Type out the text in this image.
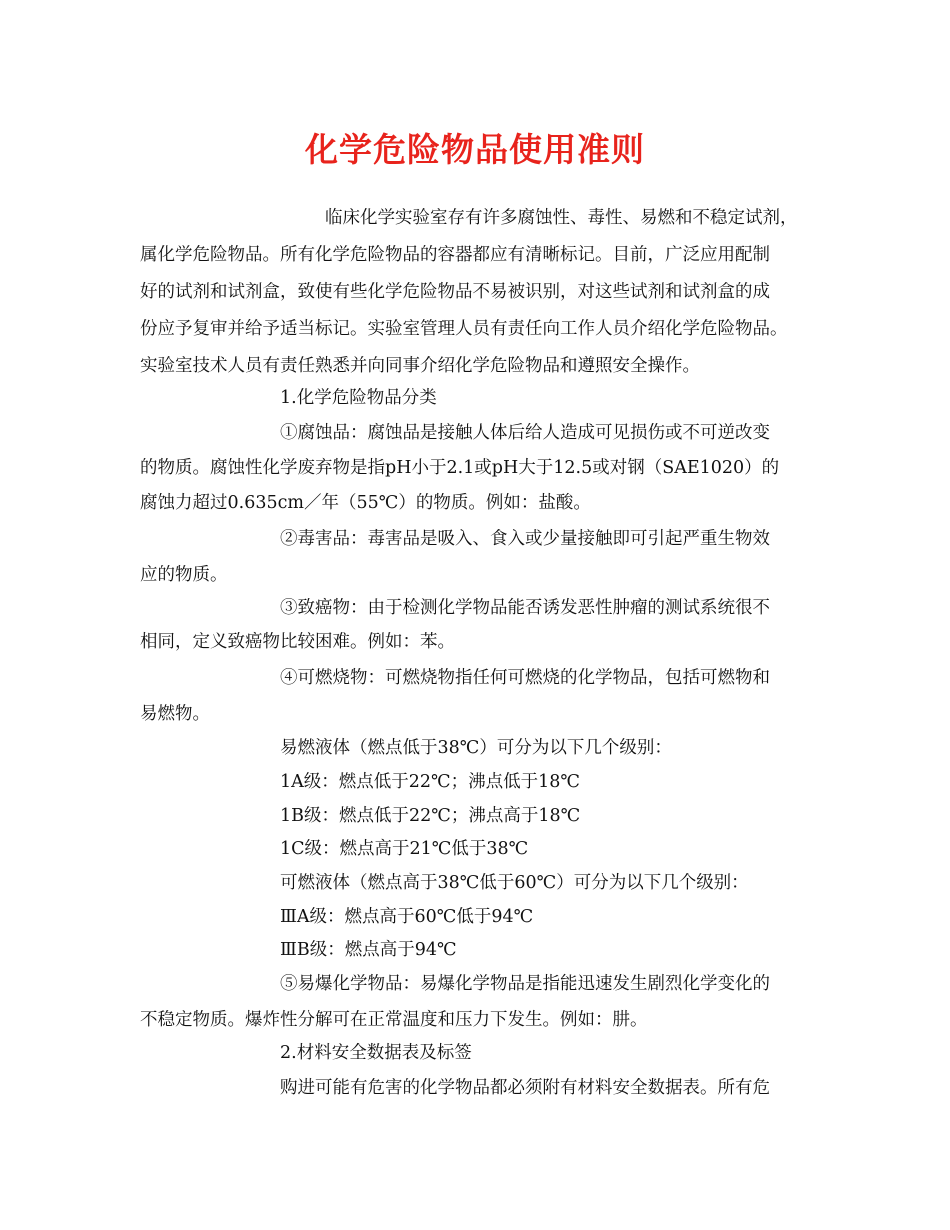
化学危险物品使用准则
临床化学实验室存有许多腐蚀性、毒性、易燃和不稳定试剂，
属化学危险物品。所有化学危险物品的容器都应有清晰标记。目前，广泛应用配制
好的试剂和试剂盒，致使有些化学危险物品不易被识别，对这些试剂和试剂盒的成
份应予复审并给予适当标记。实验室管理人员有责任向工作人员介绍化学危险物品。
实验室技术人员有责任熟悉并向同事介绍化学危险物品和遵照安全操作。
1.化学危险物品分类
①腐蚀品：腐蚀品是接触人体后给人造成可见损伤或不可逆改变
的物质。腐蚀性化学废弃物是指pH小于2.1或pH大于12.5或对钢（SAE1020）的
腐蚀力超过0.635cm／年（55℃）的物质。例如：盐酸。
②毒害品：毒害品是吸入、食入或少量接触即可引起严重生物效
应的物质。
③致癌物：由于检测化学物品能否诱发恶性肿瘤的测试系统很不
相同，定义致癌物比较困难。例如：苯。
④可燃烧物：可燃烧物指任何可燃烧的化学物品，包括可燃物和
易燃物。
易燃液体（燃点低于38℃）可分为以下几个级别：
1A级：燃点低于22℃；沸点低于18℃
1B级：燃点低于22℃；沸点高于18℃
1C级：燃点高于21℃低于38℃
可燃液体（燃点高于38℃低于60℃）可分为以下几个级别：
ⅢA级：燃点高于60℃低于94℃
ⅢB级：燃点高于94℃
⑤易爆化学物品：易爆化学物品是指能迅速发生剧烈化学变化的
不稳定物质。爆炸性分解可在正常温度和压力下发生。例如：肼。
2.材料安全数据表及标签
购进可能有危害的化学物品都必须附有材料安全数据表。所有危
